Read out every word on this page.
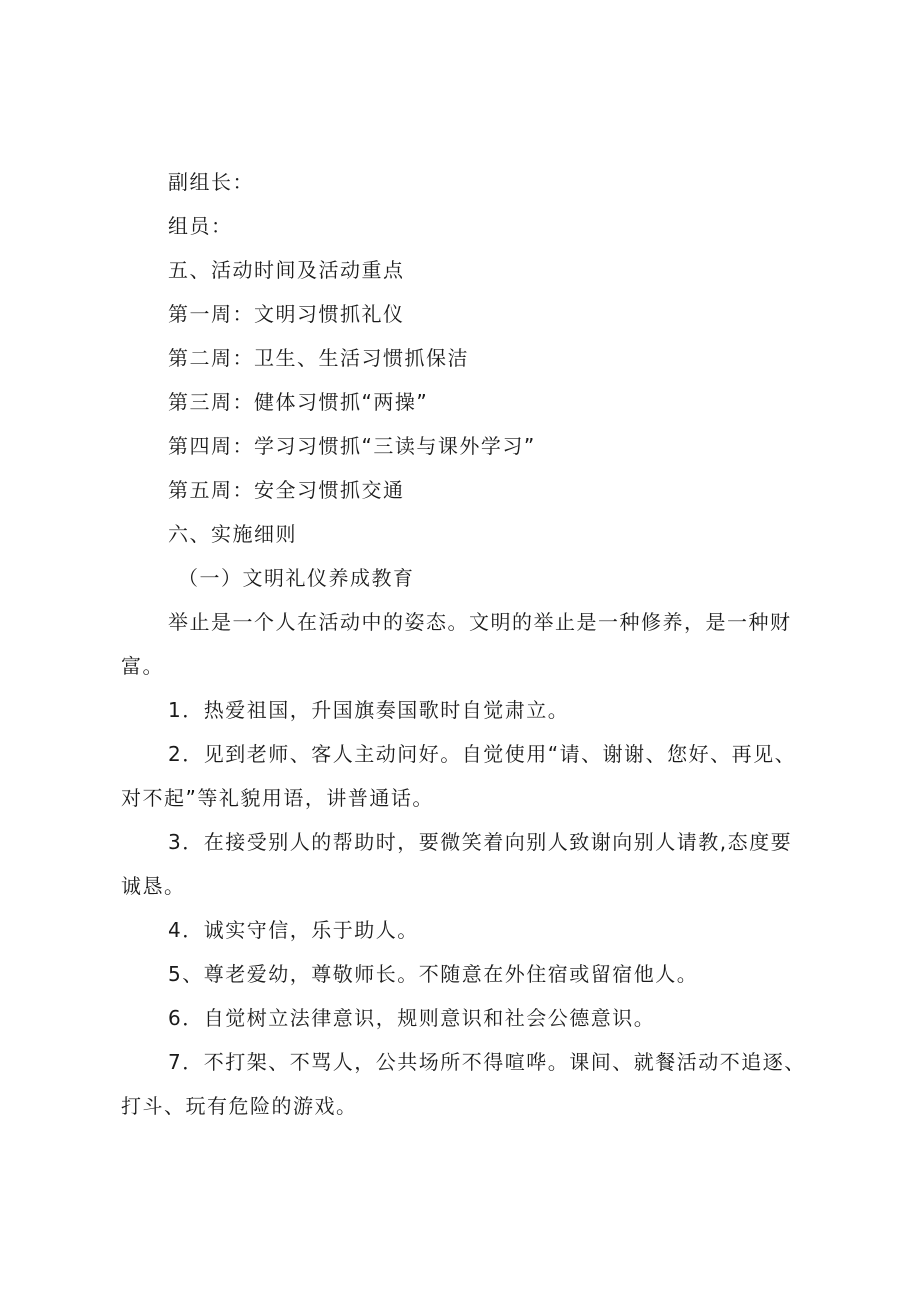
副组长：
组员：
五、活动时间及活动重点
第一周：文明习惯抓礼仪
第二周：卫生、生活习惯抓保洁
第三周：健体习惯抓“两操”
第四周：学习习惯抓“三读与课外学习”
第五周：安全习惯抓交通
六、实施细则
（一）文明礼仪养成教育
举止是一个人在活动中的姿态。文明的举止是一种修养，是一种财
富。
1．热爱祖国，升国旗奏国歌时自觉肃立。
2．见到老师、客人主动问好。自觉使用“请、谢谢、您好、再见、
对不起”等礼貌用语，讲普通话。
3．在接受别人的帮助时，要微笑着向别人致谢向别人请教,态度要
诚恳。
4．诚实守信，乐于助人。
5、尊老爱幼，尊敬师长。不随意在外住宿或留宿他人。
6．自觉树立法律意识，规则意识和社会公德意识。
7．不打架、不骂人，公共场所不得喧哗。课间、就餐活动不追逐、
打斗、玩有危险的游戏。
